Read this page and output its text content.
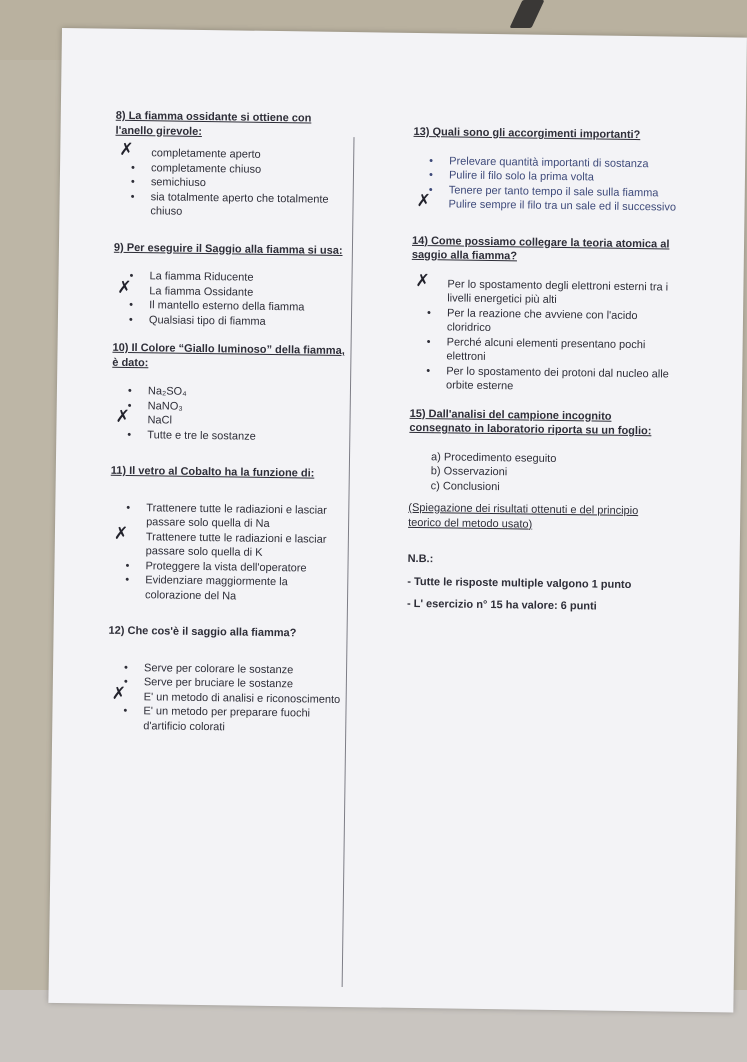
8) La fiamma ossidante si ottiene con l'anello girevole:

✗ completamente aperto
• completamente chiuso
• semichiuso
• sia totalmente aperto che totalmente chiuso

9) Per eseguire il Saggio alla fiamma si usa:

• La fiamma Riducente
✗ La fiamma Ossidante
• Il mantello esterno della fiamma
• Qualsiasi tipo di fiamma

10) Il Colore “Giallo luminoso” della fiamma, è dato:

• Na₂SO₄
• NaNO₃
✗ NaCl
• Tutte e tre le sostanze

11) Il vetro al Cobalto ha la funzione di:

• Trattenere tutte le radiazioni e lasciar passare solo quella di Na
✗ Trattenere tutte le radiazioni e lasciar passare solo quella di K
• Proteggere la vista dell'operatore
• Evidenziare maggiormente la colorazione del Na

12) Che cos'è il saggio alla fiamma?

• Serve per colorare le sostanze
• Serve per bruciare le sostanze
✗ E' un metodo di analisi e riconoscimento
• E' un metodo per preparare fuochi d'artificio colorati

13) Quali sono gli accorgimenti importanti?

• Prelevare quantità importanti di sostanza
• Pulire il filo solo la prima volta
• Tenere per tanto tempo il sale sulla fiamma
✗ Pulire sempre il filo tra un sale ed il successivo

14) Come possiamo collegare la teoria atomica al saggio alla fiamma?

✗ Per lo spostamento degli elettroni esterni tra i livelli energetici più alti
• Per la reazione che avviene con l'acido cloridrico
• Perché alcuni elementi presentano pochi elettroni
• Per lo spostamento dei protoni dal nucleo alle orbite esterne

15) Dall'analisi del campione incognito consegnato in laboratorio riporta su un foglio:

a) Procedimento eseguito
b) Osservazioni
c) Conclusioni
(Spiegazione dei risultati ottenuti e del principio teorico del metodo usato)
N.B.:
- Tutte le risposte multiple valgono 1 punto
- L' esercizio n° 15 ha valore: 6 punti
